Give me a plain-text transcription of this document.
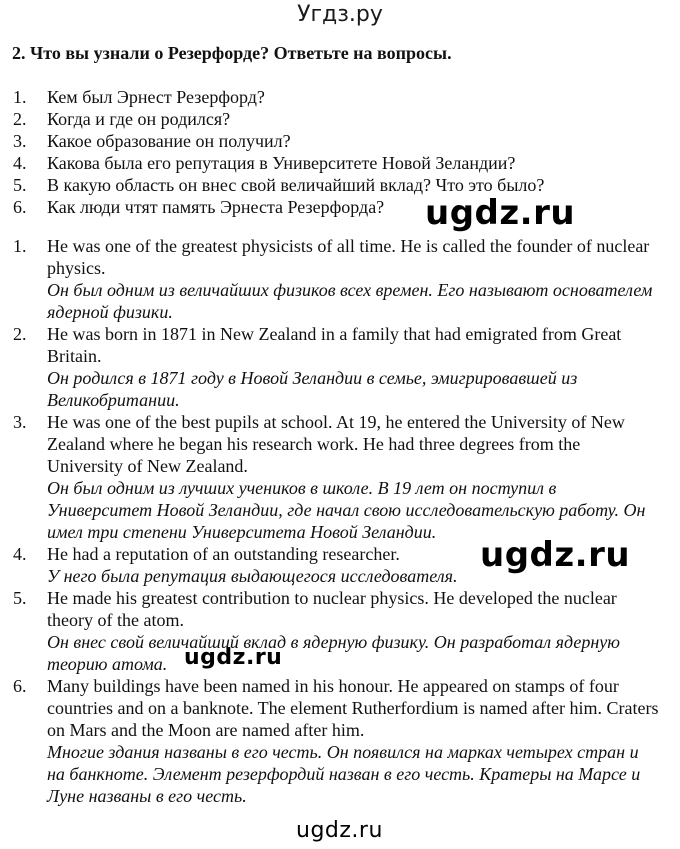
Угдз.ру
2. Что вы узнали о Резерфорде? Ответьте на вопросы.
1. Кем был Эрнест Резерфорд?
2. Когда и где он родился?
3. Какое образование он получил?
4. Какова была его репутация в Университете Новой Зеландии?
5. В какую область он внес свой величайший вклад? Что это было?
6. Как люди чтят память Эрнеста Резерфорда?
1. He was one of the greatest physicists of all time. He is called the founder of nuclear physics.
Он был одним из величайших физиков всех времен. Его называют основателем ядерной физики.
2. He was born in 1871 in New Zealand in a family that had emigrated from Great Britain.
Он родился в 1871 году в Новой Зеландии в семье, эмигрировавшей из Великобритании.
3. He was one of the best pupils at school. At 19, he entered the University of New Zealand where he began his research work. He had three degrees from the University of New Zealand.
Он был одним из лучших учеников в школе. В 19 лет он поступил в Университет Новой Зеландии, где начал свою исследовательскую работу. Он имел три степени Университета Новой Зеландии.
4. He had a reputation of an outstanding researcher.
У него была репутация выдающегося исследователя.
5. He made his greatest contribution to nuclear physics. He developed the nuclear theory of the atom.
Он внес свой величайший вклад в ядерную физику. Он разработал ядерную теорию атома.
6. Many buildings have been named in his honour. He appeared on stamps of four countries and on a banknote. The element Rutherfordium is named after him. Craters on Mars and the Moon are named after him.
Многие здания названы в его честь. Он появился на марках четырех стран и на банкноте. Элемент резерфордий назван в его честь. Кратеры на Марсе и Луне названы в его честь.
ugdz.ru
ugdz.ru
ugdz.ru
ugdz.ru
